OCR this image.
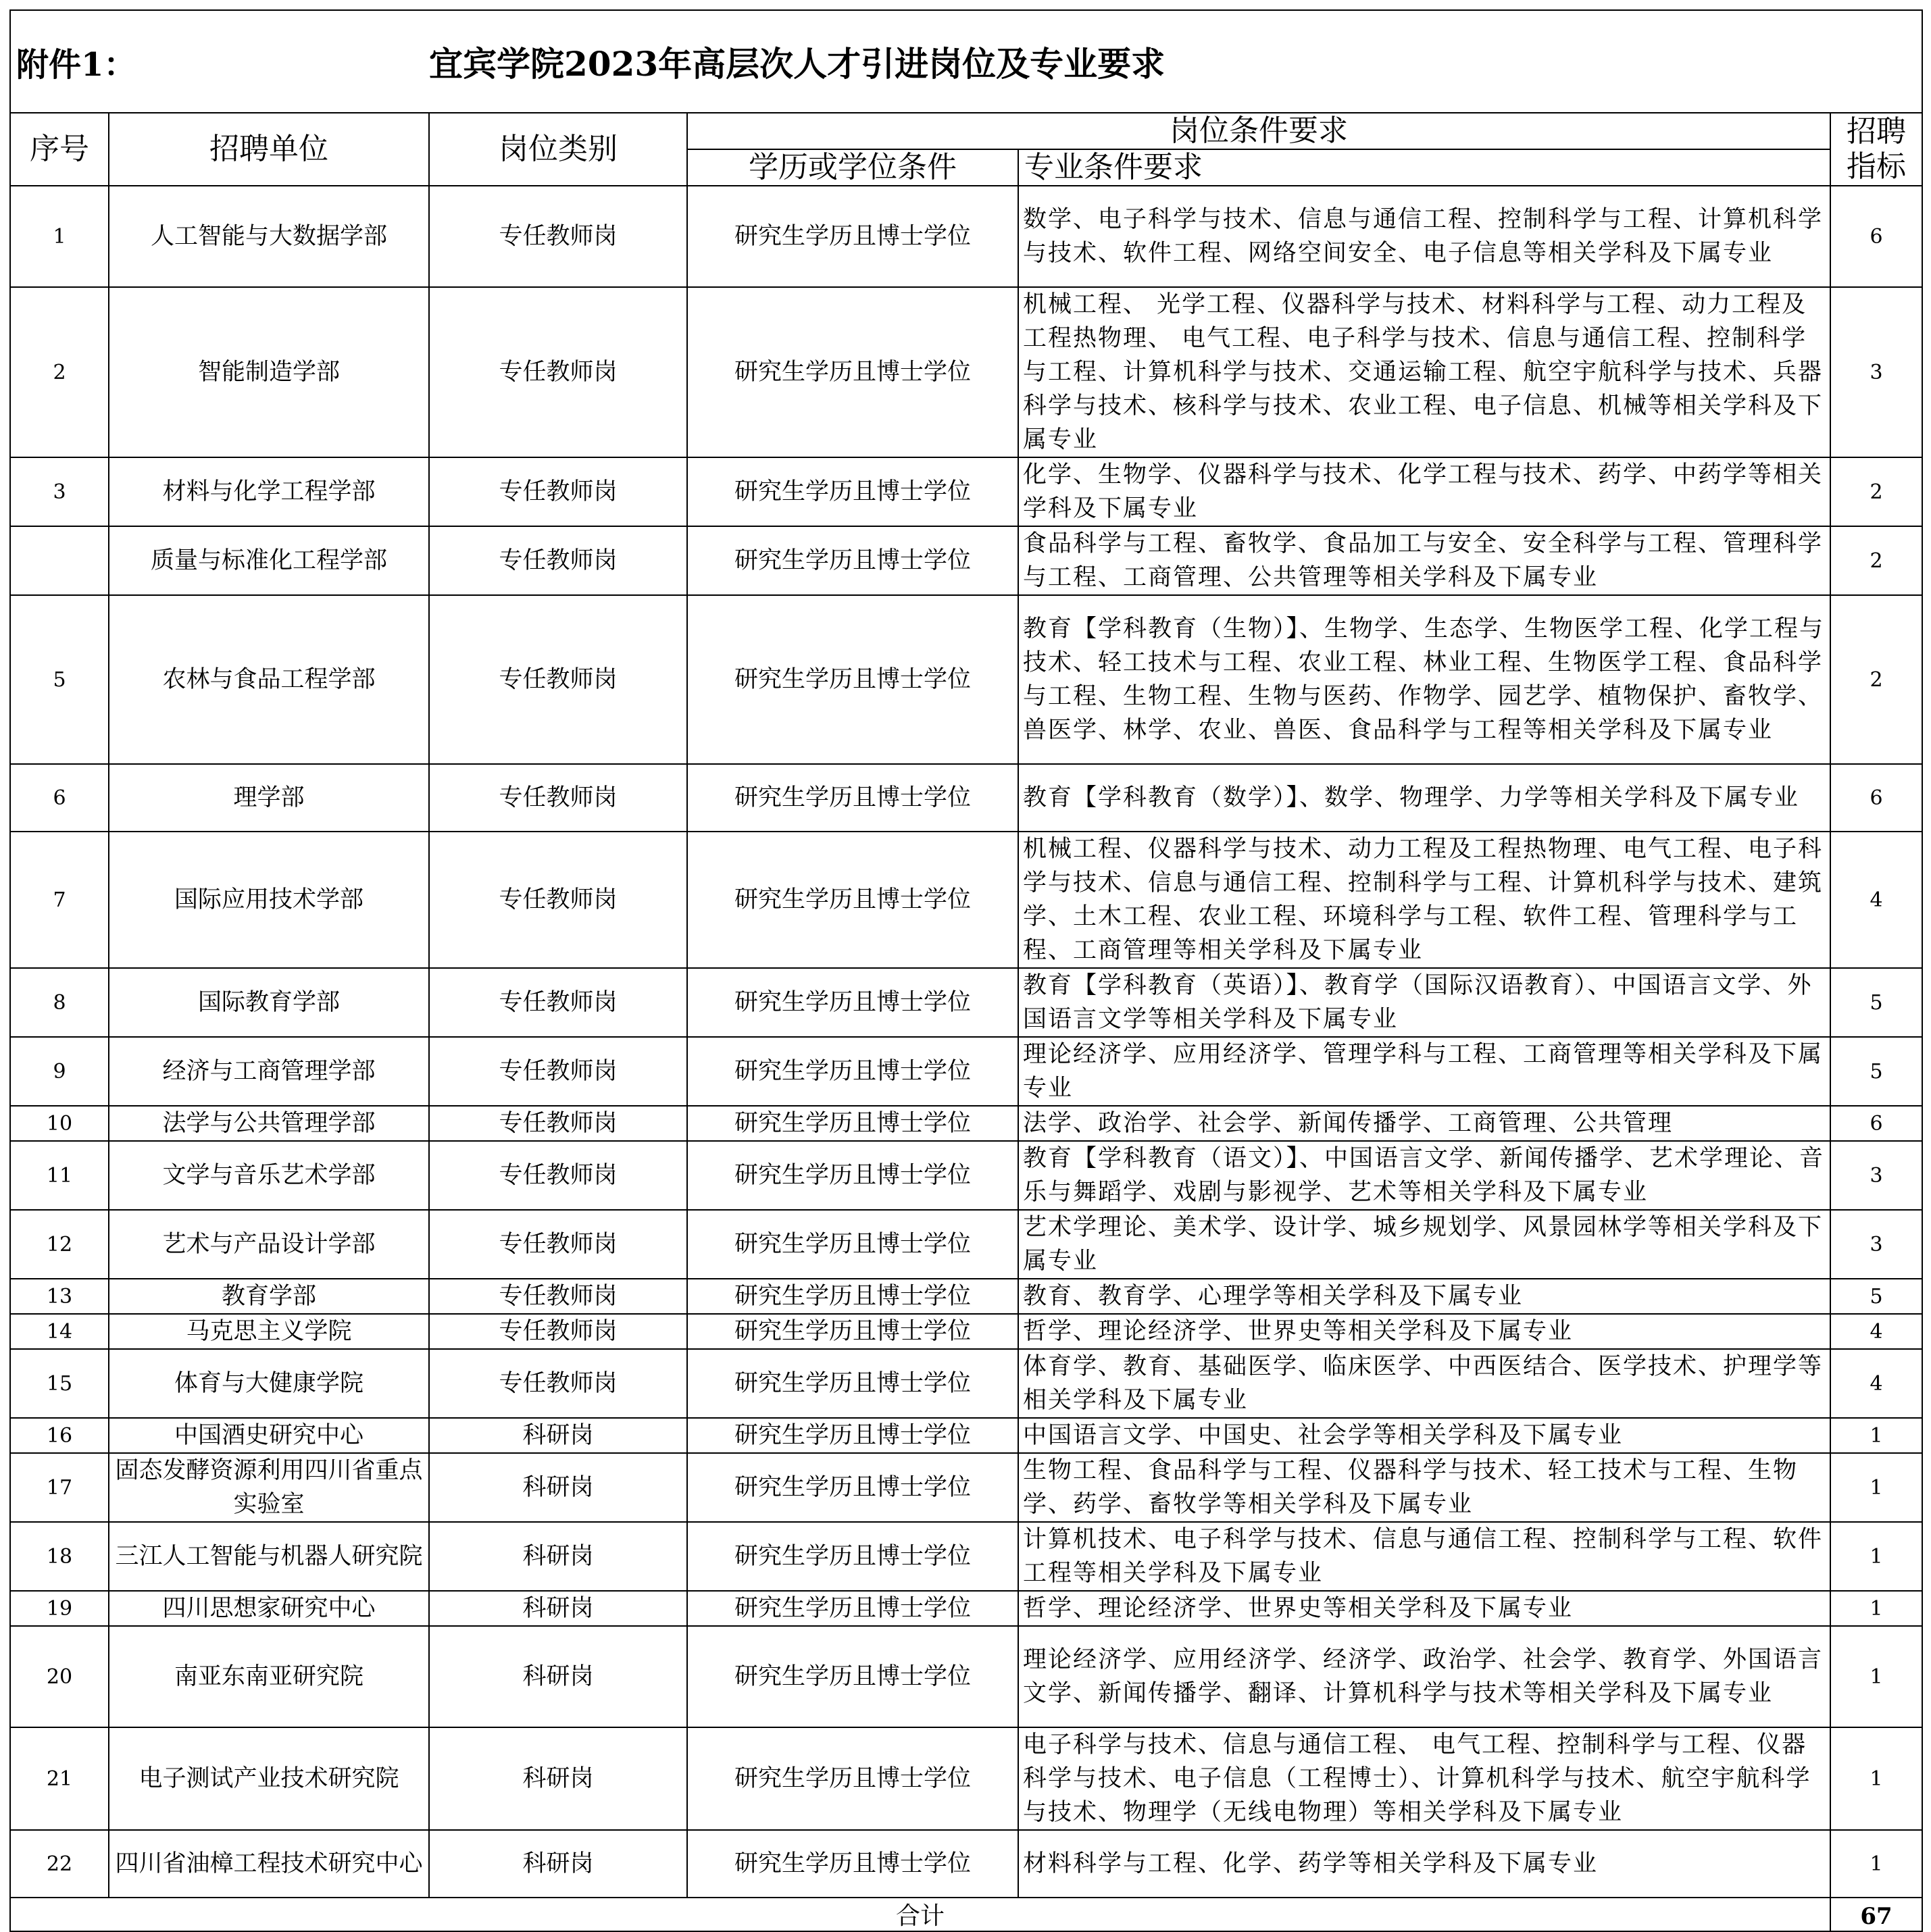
附件1：		宜宾学院2023年高层次人才引进岗位及专业要求			
序号	招聘单位	岗位类别	岗位条件要求		招聘
指标
			学历或学位条件	专业条件要求	
1	人工智能与大数据学部	专任教师岗	研究生学历且博士学位	数学、电子科学与技术、信息与通信工程、控制科学与工程、计算机科学与技术、软件工程、网络空间安全、电子信息等相关学科及下属专业	6
2	智能制造学部	专任教师岗	研究生学历且博士学位	机械工程、 光学工程、仪器科学与技术、材料科学与工程、动力工程及工程热物理、 电气工程、电子科学与技术、信息与通信工程、控制科学与工程、计算机科学与技术、交通运输工程、航空宇航科学与技术、兵器科学与技术、核科学与技术、农业工程、电子信息、机械等相关学科及下属专业	3
3	材料与化学工程学部	专任教师岗	研究生学历且博士学位	化学、生物学、仪器科学与技术、化学工程与技术、药学、中药学等相关学科及下属专业	2
	质量与标准化工程学部	专任教师岗	研究生学历且博士学位	食品科学与工程、畜牧学、食品加工与安全、安全科学与工程、管理科学与工程、工商管理、公共管理等相关学科及下属专业	2
5	农林与食品工程学部	专任教师岗	研究生学历且博士学位	教育【学科教育（生物）】、生物学、生态学、生物医学工程、化学工程与技术、轻工技术与工程、农业工程、林业工程、生物医学工程、食品科学与工程、生物工程、生物与医药、作物学、园艺学、植物保护、畜牧学、兽医学、林学、农业、兽医、食品科学与工程等相关学科及下属专业	2
6	理学部	专任教师岗	研究生学历且博士学位	教育【学科教育（数学）】、数学、物理学、力学等相关学科及下属专业	6
7	国际应用技术学部	专任教师岗	研究生学历且博士学位	机械工程、仪器科学与技术、动力工程及工程热物理、电气工程、电子科学与技术、信息与通信工程、控制科学与工程、计算机科学与技术、建筑学、土木工程、农业工程、环境科学与工程、软件工程、管理科学与工程、工商管理等相关学科及下属专业	4
8	国际教育学部	专任教师岗	研究生学历且博士学位	教育【学科教育（英语）】、教育学（国际汉语教育）、中国语言文学、外国语言文学等相关学科及下属专业	5
9	经济与工商管理学部	专任教师岗	研究生学历且博士学位	理论经济学、应用经济学、管理学科与工程、工商管理等相关学科及下属专业	5
10	法学与公共管理学部	专任教师岗	研究生学历且博士学位	法学、政治学、社会学、新闻传播学、工商管理、公共管理	6
11	文学与音乐艺术学部	专任教师岗	研究生学历且博士学位	教育【学科教育（语文）】、中国语言文学、新闻传播学、艺术学理论、音乐与舞蹈学、戏剧与影视学、艺术等相关学科及下属专业	3
12	艺术与产品设计学部	专任教师岗	研究生学历且博士学位	艺术学理论、美术学、设计学、城乡规划学、风景园林学等相关学科及下属专业	3
13	教育学部	专任教师岗	研究生学历且博士学位	教育、教育学、心理学等相关学科及下属专业	5
14	马克思主义学院	专任教师岗	研究生学历且博士学位	哲学、理论经济学、世界史等相关学科及下属专业	4
15	体育与大健康学院	专任教师岗	研究生学历且博士学位	体育学、教育、基础医学、临床医学、中西医结合、医学技术、护理学等相关学科及下属专业	4
16	中国酒史研究中心	科研岗	研究生学历且博士学位	中国语言文学、中国史、社会学等相关学科及下属专业	1
17	固态发酵资源利用四川省重点实验室	科研岗	研究生学历且博士学位	生物工程、食品科学与工程、仪器科学与技术、轻工技术与工程、生物学、药学、畜牧学等相关学科及下属专业	1
18	三江人工智能与机器人研究院	科研岗	研究生学历且博士学位	计算机技术、电子科学与技术、信息与通信工程、控制科学与工程、软件工程等相关学科及下属专业	1
19	四川思想家研究中心	科研岗	研究生学历且博士学位	哲学、理论经济学、世界史等相关学科及下属专业	1
20	南亚东南亚研究院	科研岗	研究生学历且博士学位	理论经济学、应用经济学、经济学、政治学、社会学、教育学、外国语言文学、新闻传播学、翻译、计算机科学与技术等相关学科及下属专业	1
21	电子测试产业技术研究院	科研岗	研究生学历且博士学位	电子科学与技术、信息与通信工程、 电气工程、控制科学与工程、仪器科学与技术、电子信息（工程博士）、计算机科学与技术、航空宇航科学与技术、物理学（无线电物理）等相关学科及下属专业	1
22	四川省油樟工程技术研究中心	科研岗	研究生学历且博士学位	材料科学与工程、化学、药学等相关学科及下属专业	1
合计					67
